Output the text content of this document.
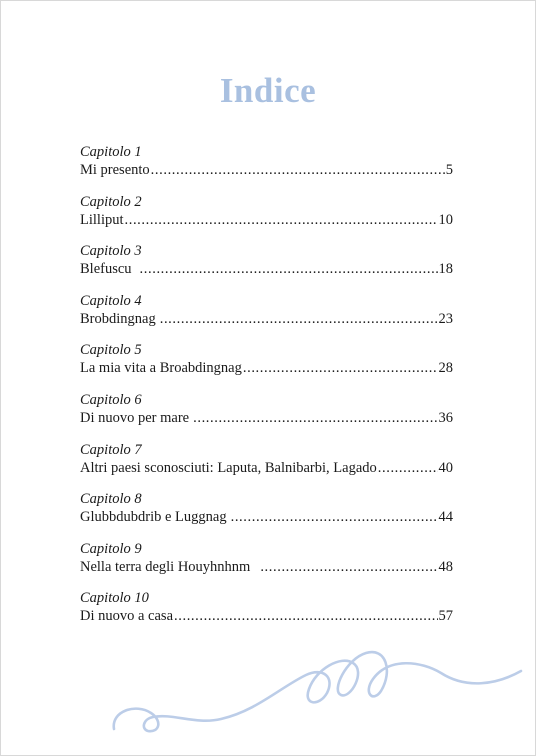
Indice
Capitolo 1
Mi presento .....	5
Capitolo 2
Lilliput .....	10
Capitolo 3
Blefuscu .....	18
Capitolo 4
Brobdingnag .....	23
Capitolo 5
La mia vita a Broabdingnag .....	28
Capitolo 6
Di nuovo per mare .....	36
Capitolo 7
Altri paesi sconosciuti: Laputa, Balnibarbi, Lagado .....	40
Capitolo 8
Glubbdubdrib e Luggnag .....	44
Capitolo 9
Nella terra degli Houyhnhnm .....	48
Capitolo 10
Di nuovo a casa .....	57
